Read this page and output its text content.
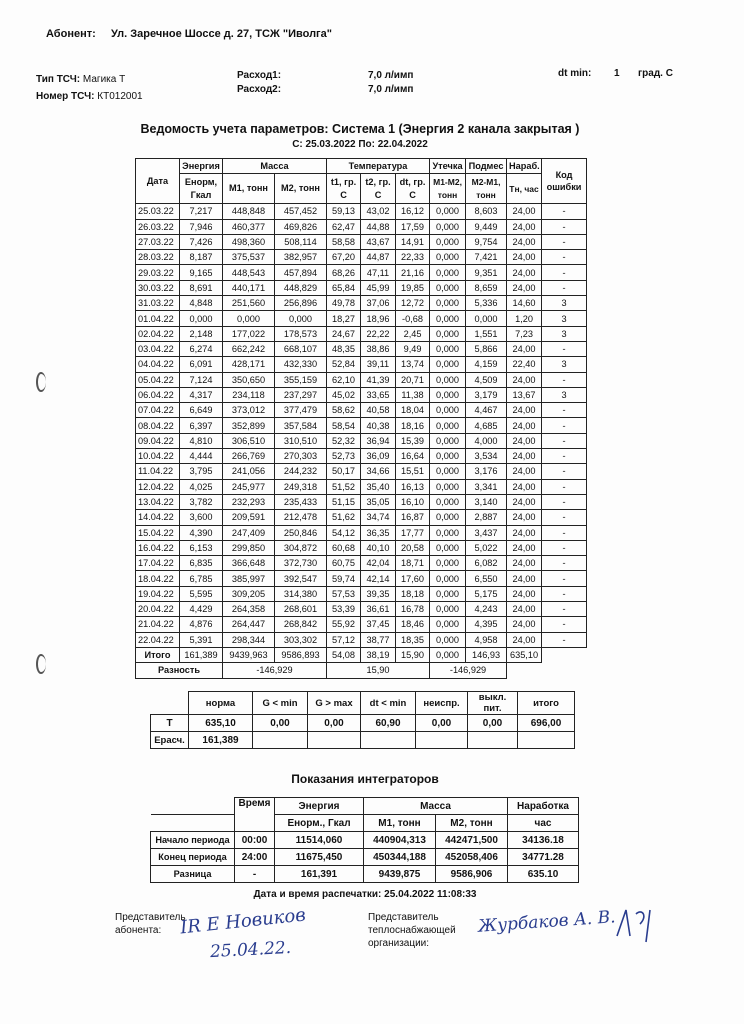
Абонент: Ул. Заречное Шоссе д. 27, ТСЖ "Иволга"
Тип ТСЧ: Магика Т
Номер ТСЧ: КТ012001
Расход1:	7,0 л/имп
Расход2:	7,0 л/имп
dt min: 1 град. С
Ведомость учета параметров: Система 1 (Энергия 2 канала закрытая )
С: 25.03.2022 По: 22.04.2022
Дата	Энергия	Масса		Температура			Утечка	Подмес	Нараб.	Код ошибки
	Енорм, Гкал	М1, тонн	М2, тонн	t1, гр. С	t2, гр. С	dt, гр. С	М1-М2, тонн	М2-М1, тонн	Тн, час	
25.03.22	7,217	448,848	457,452	59,13	43,02	16,12	0,000	8,603	24,00	-
26.03.22	7,946	460,377	469,826	62,47	44,88	17,59	0,000	9,449	24,00	-
27.03.22	7,426	498,360	508,114	58,58	43,67	14,91	0,000	9,754	24,00	-
28.03.22	8,187	375,537	382,957	67,20	44,87	22,33	0,000	7,421	24,00	-
29.03.22	9,165	448,543	457,894	68,26	47,11	21,16	0,000	9,351	24,00	-
30.03.22	8,691	440,171	448,829	65,84	45,99	19,85	0,000	8,659	24,00	-
31.03.22	4,848	251,560	256,896	49,78	37,06	12,72	0,000	5,336	14,60	3
01.04.22	0,000	0,000	0,000	18,27	18,96	-0,68	0,000	0,000	1,20	3
02.04.22	2,148	177,022	178,573	24,67	22,22	2,45	0,000	1,551	7,23	3
03.04.22	6,274	662,242	668,107	48,35	38,86	9,49	0,000	5,866	24,00	-
04.04.22	6,091	428,171	432,330	52,84	39,11	13,74	0,000	4,159	22,40	3
05.04.22	7,124	350,650	355,159	62,10	41,39	20,71	0,000	4,509	24,00	-
06.04.22	4,317	234,118	237,297	45,02	33,65	11,38	0,000	3,179	13,67	3
07.04.22	6,649	373,012	377,479	58,62	40,58	18,04	0,000	4,467	24,00	-
08.04.22	6,397	352,899	357,584	58,54	40,38	18,16	0,000	4,685	24,00	-
09.04.22	4,810	306,510	310,510	52,32	36,94	15,39	0,000	4,000	24,00	-
10.04.22	4,444	266,769	270,303	52,73	36,09	16,64	0,000	3,534	24,00	-
11.04.22	3,795	241,056	244,232	50,17	34,66	15,51	0,000	3,176	24,00	-
12.04.22	4,025	245,977	249,318	51,52	35,40	16,13	0,000	3,341	24,00	-
13.04.22	3,782	232,293	235,433	51,15	35,05	16,10	0,000	3,140	24,00	-
14.04.22	3,600	209,591	212,478	51,62	34,74	16,87	0,000	2,887	24,00	-
15.04.22	4,390	247,409	250,846	54,12	36,35	17,77	0,000	3,437	24,00	-
16.04.22	6,153	299,850	304,872	60,68	40,10	20,58	0,000	5,022	24,00	-
17.04.22	6,835	366,648	372,730	60,75	42,04	18,71	0,000	6,082	24,00	-
18.04.22	6,785	385,997	392,547	59,74	42,14	17,60	0,000	6,550	24,00	-
19.04.22	5,595	309,205	314,380	57,53	39,35	18,18	0,000	5,175	24,00	-
20.04.22	4,429	264,358	268,601	53,39	36,61	16,78	0,000	4,243	24,00	-
21.04.22	4,876	264,447	268,842	55,92	37,45	18,46	0,000	4,395	24,00	-
22.04.22	5,391	298,344	303,302	57,12	38,77	18,35	0,000	4,958	24,00	-
Итого	161,389	9439,963	9586,893	54,08	38,19	15,90	0,000	146,93	635,10	
Разность		-146,929		15,90			-146,929			
	норма	G < min	G > max	dt < min	неиспр.	выкл. пит.	итого
Т	635,10	0,00	0,00	60,90	0,00	0,00	696,00
Ерасч.	161,389						
Показания интеграторов
	Время	Энергия	Масса		Наработка
		Енорм., Гкал	М1, тонн	М2, тонн	час
Начало периода	00:00	11514,060	440904,313	442471,500	34136.18
Конец периода	24:00	11675,450	450344,188	452058,406	34771.28
Разница	-	161,391	9439,875	9586,906	635.10
Дата и время распечатки: 25.04.2022 11:08:33
Представитель абонента:
Представитель теплоснабжающей организации:
IR E Новиков
25.04.22.
Журбаков А. В.
